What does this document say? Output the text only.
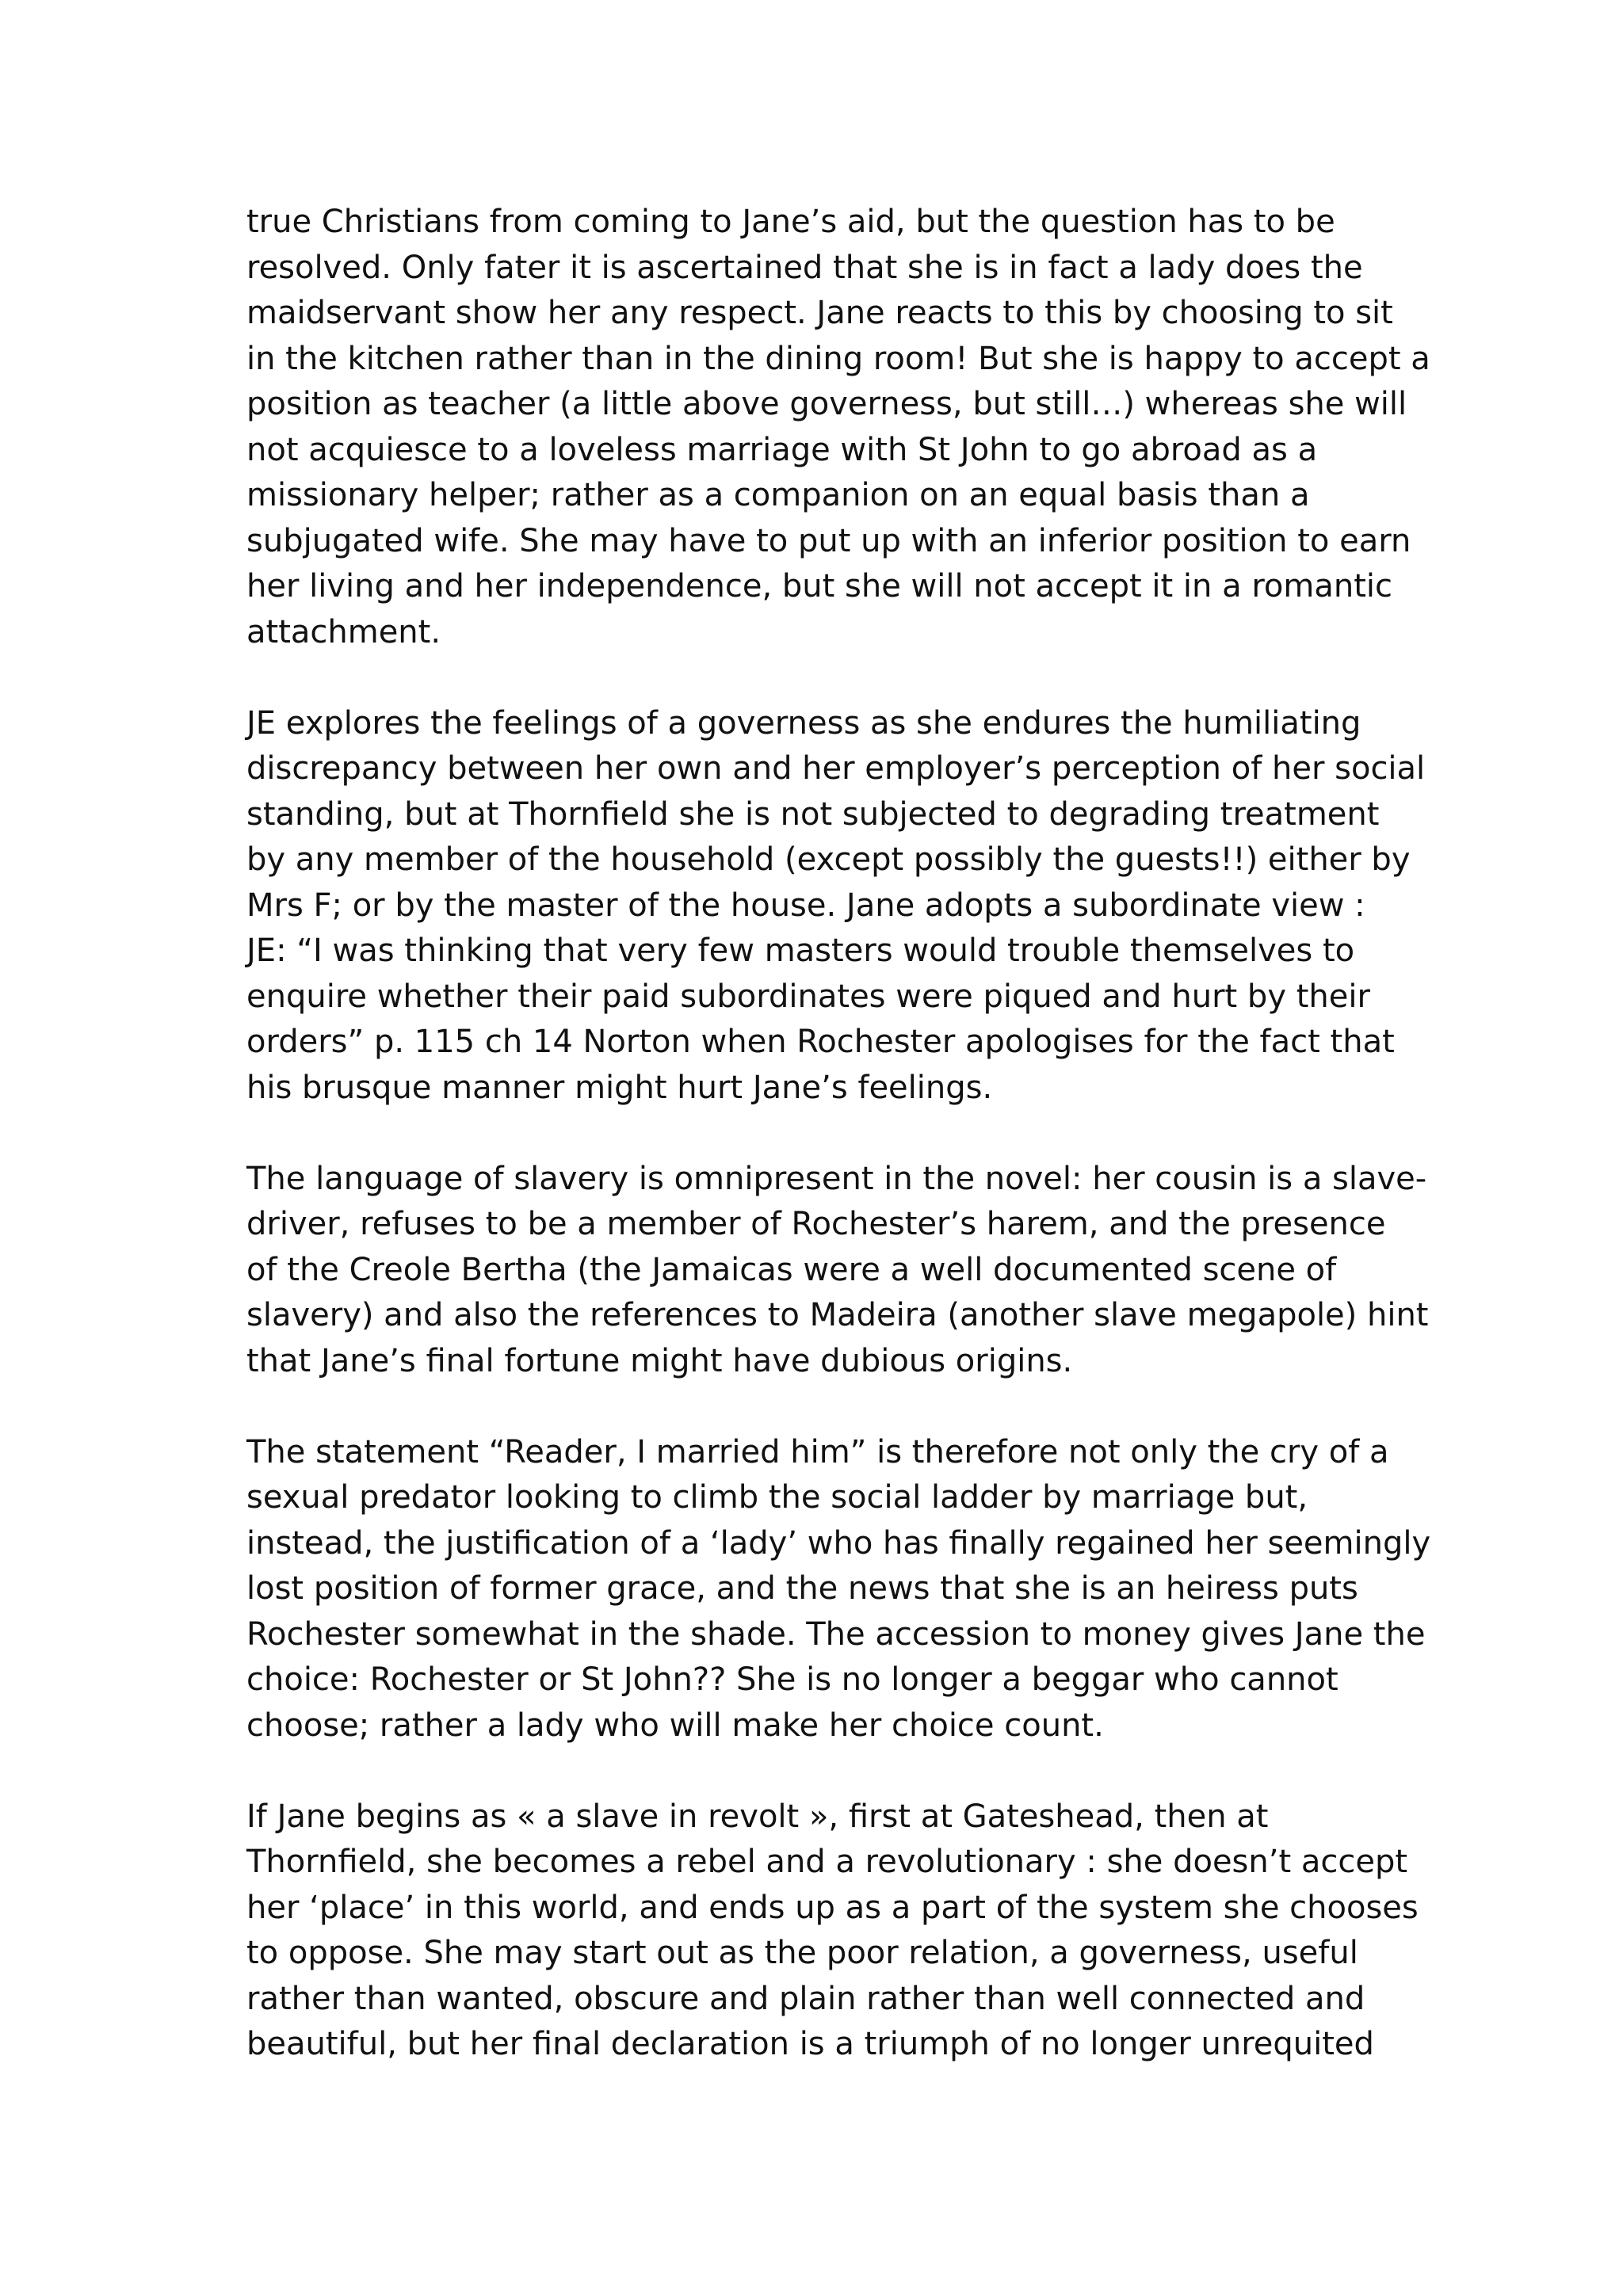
true Christians from coming to Jane’s aid, but the question has to be
resolved. Only fater it is ascertained that she is in fact a lady does the
maidservant show her any respect. Jane reacts to this by choosing to sit
in the kitchen rather than in the dining room! But she is happy to accept a
position as teacher (a little above governess, but still…) whereas she will
not acquiesce to a loveless marriage with St John to go abroad as a
missionary helper; rather as a companion on an equal basis than a
subjugated wife. She may have to put up with an inferior position to earn
her living and her independence, but she will not accept it in a romantic
attachment.

JE explores the feelings of a governess as she endures the humiliating
discrepancy between her own and her employer’s perception of her social
standing, but at Thornfield she is not subjected to degrading treatment
by any member of the household (except possibly the guests!!) either by
Mrs F; or by the master of the house. Jane adopts a subordinate view :
JE: “I was thinking that very few masters would trouble themselves to
enquire whether their paid subordinates were piqued and hurt by their
orders” p. 115 ch 14 Norton when Rochester apologises for the fact that
his brusque manner might hurt Jane’s feelings.

The language of slavery is omnipresent in the novel: her cousin is a slave-
driver, refuses to be a member of Rochester’s harem, and the presence
of the Creole Bertha (the Jamaicas were a well documented scene of
slavery) and also the references to Madeira (another slave megapole) hint
that Jane’s final fortune might have dubious origins.

The statement “Reader, I married him” is therefore not only the cry of a
sexual predator looking to climb the social ladder by marriage but,
instead, the justification of a ‘lady’ who has finally regained her seemingly
lost position of former grace, and the news that she is an heiress puts
Rochester somewhat in the shade. The accession to money gives Jane the
choice: Rochester or St John?? She is no longer a beggar who cannot
choose; rather a lady who will make her choice count.

If Jane begins as « a slave in revolt », first at Gateshead, then at
Thornfield, she becomes a rebel and a revolutionary : she doesn’t accept
her ‘place’ in this world, and ends up as a part of the system she chooses
to oppose. She may start out as the poor relation, a governess, useful
rather than wanted, obscure and plain rather than well connected and
beautiful, but her final declaration is a triumph of no longer unrequited
